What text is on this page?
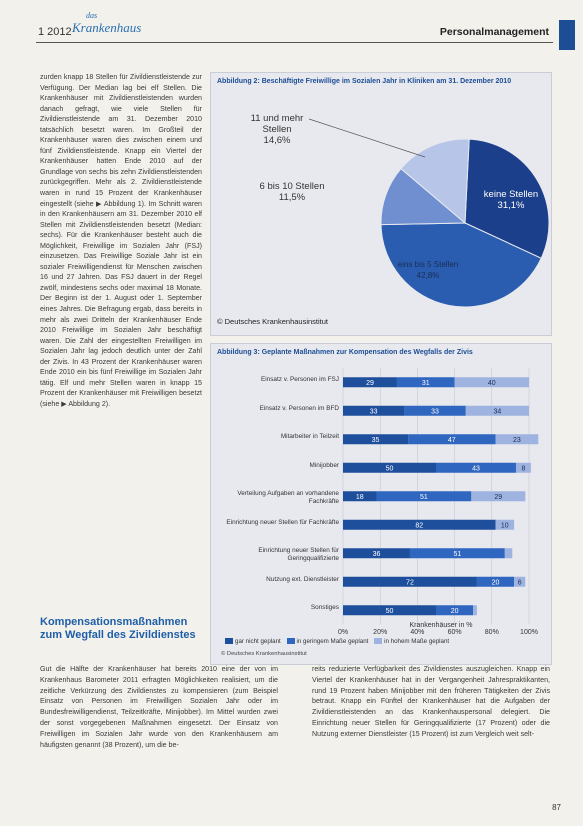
1 2012
das
Krankenhaus	Personalmanagement

zurden knapp 18 Stellen für Zivildienstleistende zur Verfügung. Der Median lag bei elf Stellen. Die Krankenhäuser mit Zivildienstleistenden wurden danach gefragt, wie viele Stellen für Zivildienstleistende am 31. Dezember 2010 tatsächlich besetzt waren. Im Großteil der Krankenhäuser waren dies zwischen einem und fünf Zivildienstleistende. Knapp ein Viertel der Krankenhäuser hatten Ende 2010 auf der Grundlage von sechs bis zehn Zivildienstleistenden zurückgegriffen. Mehr als 2. Zivildienstleistende waren in rund 15 Prozent der Krankenhäuser eingestellt (siehe ▶ Abbildung 1). Im Schnitt waren in den Krankenhäusern am 31. Dezember 2010 elf Stellen mit Zivildienstleistenden besetzt (Median: sechs). Für die Krankenhäuser besteht auch die Möglichkeit, Freiwillige im Sozialen Jahr (FSJ) einzusetzen. Das Freiwillige Soziale Jahr ist ein sozialer Freiwilligendienst für Menschen zwischen 16 und 27 Jahren. Das FSJ dauert in der Regel zwölf, mindestens sechs oder maximal 18 Monate. Der Beginn ist der 1. August oder 1. September eines Jahres. Die Befragung ergab, dass bereits in mehr als zwei Dritteln der Krankenhäuser Ende 2010 Freiwillige im Sozialen Jahr beschäftigt waren. Die Zahl der eingestellten Freiwilligen im Sozialen Jahr lag jedoch deutlich unter der Zahl der Zivis. In 43 Prozent der Krankenhäuser waren Ende 2010 ein bis fünf Freiwillige im Sozialen Jahr tätig. Elf und mehr Stellen waren in knapp 15 Prozent der Krankenhäuser mit Freiwilligen besetzt (siehe ▶ Abbildung 2).

Kompensationsmaßnahmen zum Wegfall des Zivildienstes
Abbildung 2: Beschäftigte Freiwillige im Sozialen Jahr in Kliniken am 31. Dezember 2010
11 und mehr Stellen
14,6%
6 bis 10 Stellen
11,5%	keine Stellen
31,1%
eins bis 5 Stellen
42,8%
© Deutsches Krankenhausinstitut
Abbildung 3: Geplante Maßnahmen zur Kompensation des Wegfalls der Zivis
Einsatz v. Personen im FSJ
Einsatz v. Personen im BFD
Mitarbeiter in Teilzeit
Minijobber
Verteilung Aufgaben an vorhandene Fachkräfte
Einrichtung neuer Stellen für Fachkräfte
Einrichtung neuer Stellen für Geringqualifizierte
Nutzung ext. Dienstleister
Sonstiges
29	31	40
33	33	34
35	47	23
50	43	8
18	51	29
82	10
36	51
72	20	6
50	20
0%	20%	40%	60%	80%	100%
Krankenhäuser in %
gar nicht geplant	in geringem Maße geplant	in hohem Maße geplant
© Deutsches Krankenhausinstitut
Gut die Hälfte der Krankenhäuser hat bereits 2010 eine der von im Krankenhaus Barometer 2011 erfragten Möglichkeiten realisiert, um die zeitliche Verkürzung des Zivildienstes zu kompensieren (zum Beispiel Einsatz von Personen im Freiwilligen Sozialen Jahr oder im Bundesfreiwilligendienst, Teilzeitkräfte, Minijobber). Im Mittel wurden zwei der sonst vorgegebenen Maßnahmen eingesetzt. Der Einsatz von Freiwilligen im Sozialen Jahr wurde von den Krankenhäusern am häufigsten genannt (38 Prozent), um die be-
reits reduzierte Verfügbarkeit des Zivildienstes auszugleichen. Knapp ein Viertel der Krankenhäuser hat in der Vergangenheit Jahrespraktikanten, rund 19 Prozent haben Minijobber mit den früheren Tätigkeiten der Zivis betraut. Knapp ein Fünftel der Krankenhäuser hat die Aufgaben der Zivildienstleistenden an das Krankenhauspersonal delegiert. Die Einrichtung neuer Stellen für Geringqualifizierte (17 Prozent) oder die Nutzung externer Dienstleister (15 Prozent) ist zum Vergleich weit selt-
87
